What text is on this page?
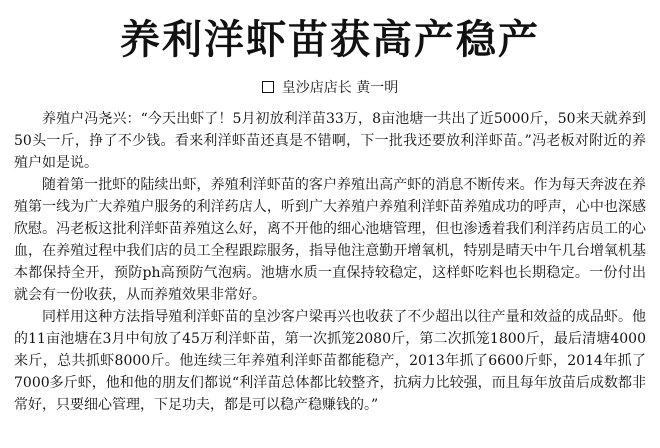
养利洋虾苗获高产稳产
皇沙店店长 黄一明

养殖户冯尧兴：“今天出虾了！5月初放利洋苗33万，8亩池塘一共出了近5000斤，50来天就养到50头一斤，挣了不少钱。看来利洋虾苗还真是不错啊，下一批我还要放利洋虾苗。”冯老板对附近的养殖户如是说。

随着第一批虾的陆续出虾，养殖利洋虾苗的客户养殖出高产虾的消息不断传来。作为每天奔波在养殖第一线为广大养殖户服务的利洋药店人，听到广大养殖户养殖利洋虾苗养殖成功的呼声，心中也深感欣慰。冯老板这批利洋虾苗养殖这么好，离不开他的细心池塘管理，但也渗透着我们利洋药店员工的心血，在养殖过程中我们店的员工全程跟踪服务，指导他注意勤开增氧机，特别是晴天中午几台增氧机基本都保持全开，预防ph高预防气泡病。池塘水质一直保持较稳定，这样虾吃料也长期稳定。一份付出就会有一份收获，从而养殖效果非常好。

同样用这种方法指导殖利洋虾苗的皇沙客户梁再兴也收获了不少超出以往产量和效益的成品虾。他的11亩池塘在3月中旬放了45万利洋虾苗，第一次抓笼2080斤，第二次抓笼1800斤，最后清塘4000来斤，总共抓虾8000斤。他连续三年养殖利洋虾苗都能稳产，2013年抓了6600斤虾，2014年抓了7000多斤虾，他和他的朋友们都说“利洋苗总体都比较整齐，抗病力比较强，而且每年放苗后成数都非常好，只要细心管理，下足功夫，都是可以稳产稳赚钱的。”
